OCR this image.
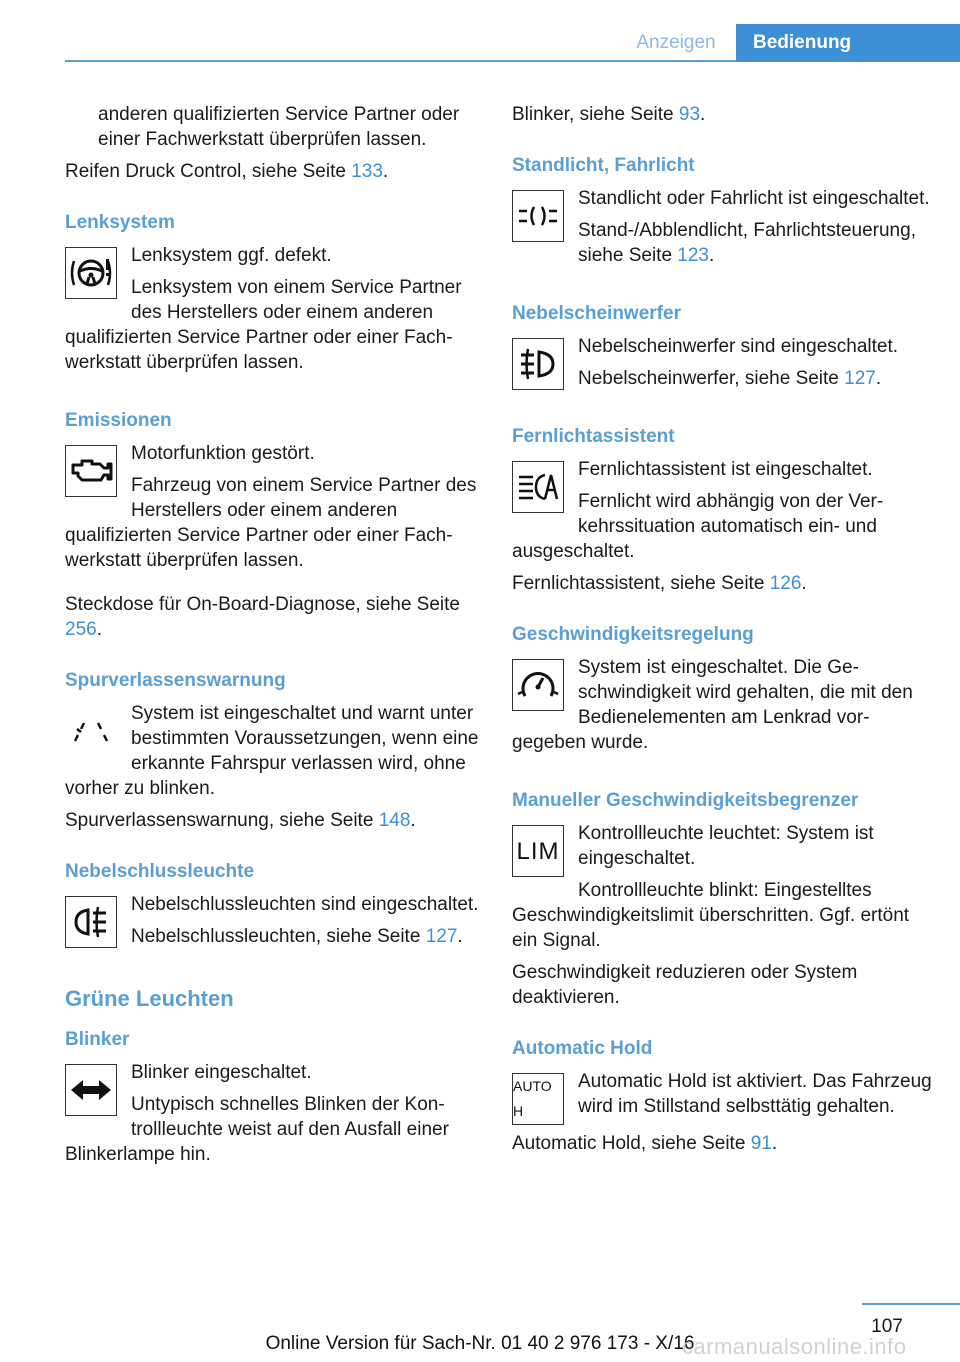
Anzeigen	Bedienung

anderen qualifizierten Service Partner oder einer Fachwerkstatt überprüfen lassen.

Reifen Druck Control, siehe Seite 133.

Lenksystem

Lenksystem ggf. defekt.

Lenksystem von einem Service Partner des Herstellers oder einem anderen qualifizierten Service Partner oder einer Fachwerkstatt überprüfen lassen.

Emissionen

Motorfunktion gestört.

Fahrzeug von einem Service Partner des Herstellers oder einem anderen qualifizierten Service Partner oder einer Fachwerkstatt überprüfen lassen.

Steckdose für On-Board-Diagnose, siehe Seite 256.

Spurverlassenswarnung

System ist eingeschaltet und warnt unter bestimmten Voraussetzungen, wenn eine erkannte Fahrspur verlassen wird, ohne vorher zu blinken.

Spurverlassenswarnung, siehe Seite 148.

Nebelschlussleuchte

Nebelschlussleuchten sind eingeschaltet.

Nebelschlussleuchten, siehe Seite 127.

Grüne Leuchten
Blinker

Blinker eingeschaltet.

Untypisch schnelles Blinken der Kontrollleuchte weist auf den Ausfall einer Blinkerlampe hin.

Blinker, siehe Seite 93.

Standlicht, Fahrlicht

Standlicht oder Fahrlicht ist eingeschaltet.

Stand-/Abblendlicht, Fahrlichtsteuerung, siehe Seite 123.

Nebelscheinwerfer

Nebelscheinwerfer sind eingeschaltet.

Nebelscheinwerfer, siehe Seite 127.

Fernlichtassistent

Fernlichtassistent ist eingeschaltet.

Fernlicht wird abhängig von der Verkehrssituation automatisch ein- und ausgeschaltet.

Fernlichtassistent, siehe Seite 126.

Geschwindigkeitsregelung

System ist eingeschaltet. Die Geschwindigkeit wird gehalten, die mit den Bedienelementen am Lenkrad vorgegeben wurde.

Manueller Geschwindigkeitsbegrenzer
LIM

Kontrollleuchte leuchtet: System ist eingeschaltet.

Kontrollleuchte blinkt: Eingestelltes Geschwindigkeitslimit überschritten. Ggf. ertönt ein Signal.

Geschwindigkeit reduzieren oder System deaktivieren.

Automatic Hold
AUTO H

Automatic Hold ist aktiviert. Das Fahrzeug wird im Stillstand selbsttätig gehalten.

Automatic Hold, siehe Seite 91.

107
Online Version für Sach-Nr. 01 40 2 976 173 - X/16
carmanualsonline.info
